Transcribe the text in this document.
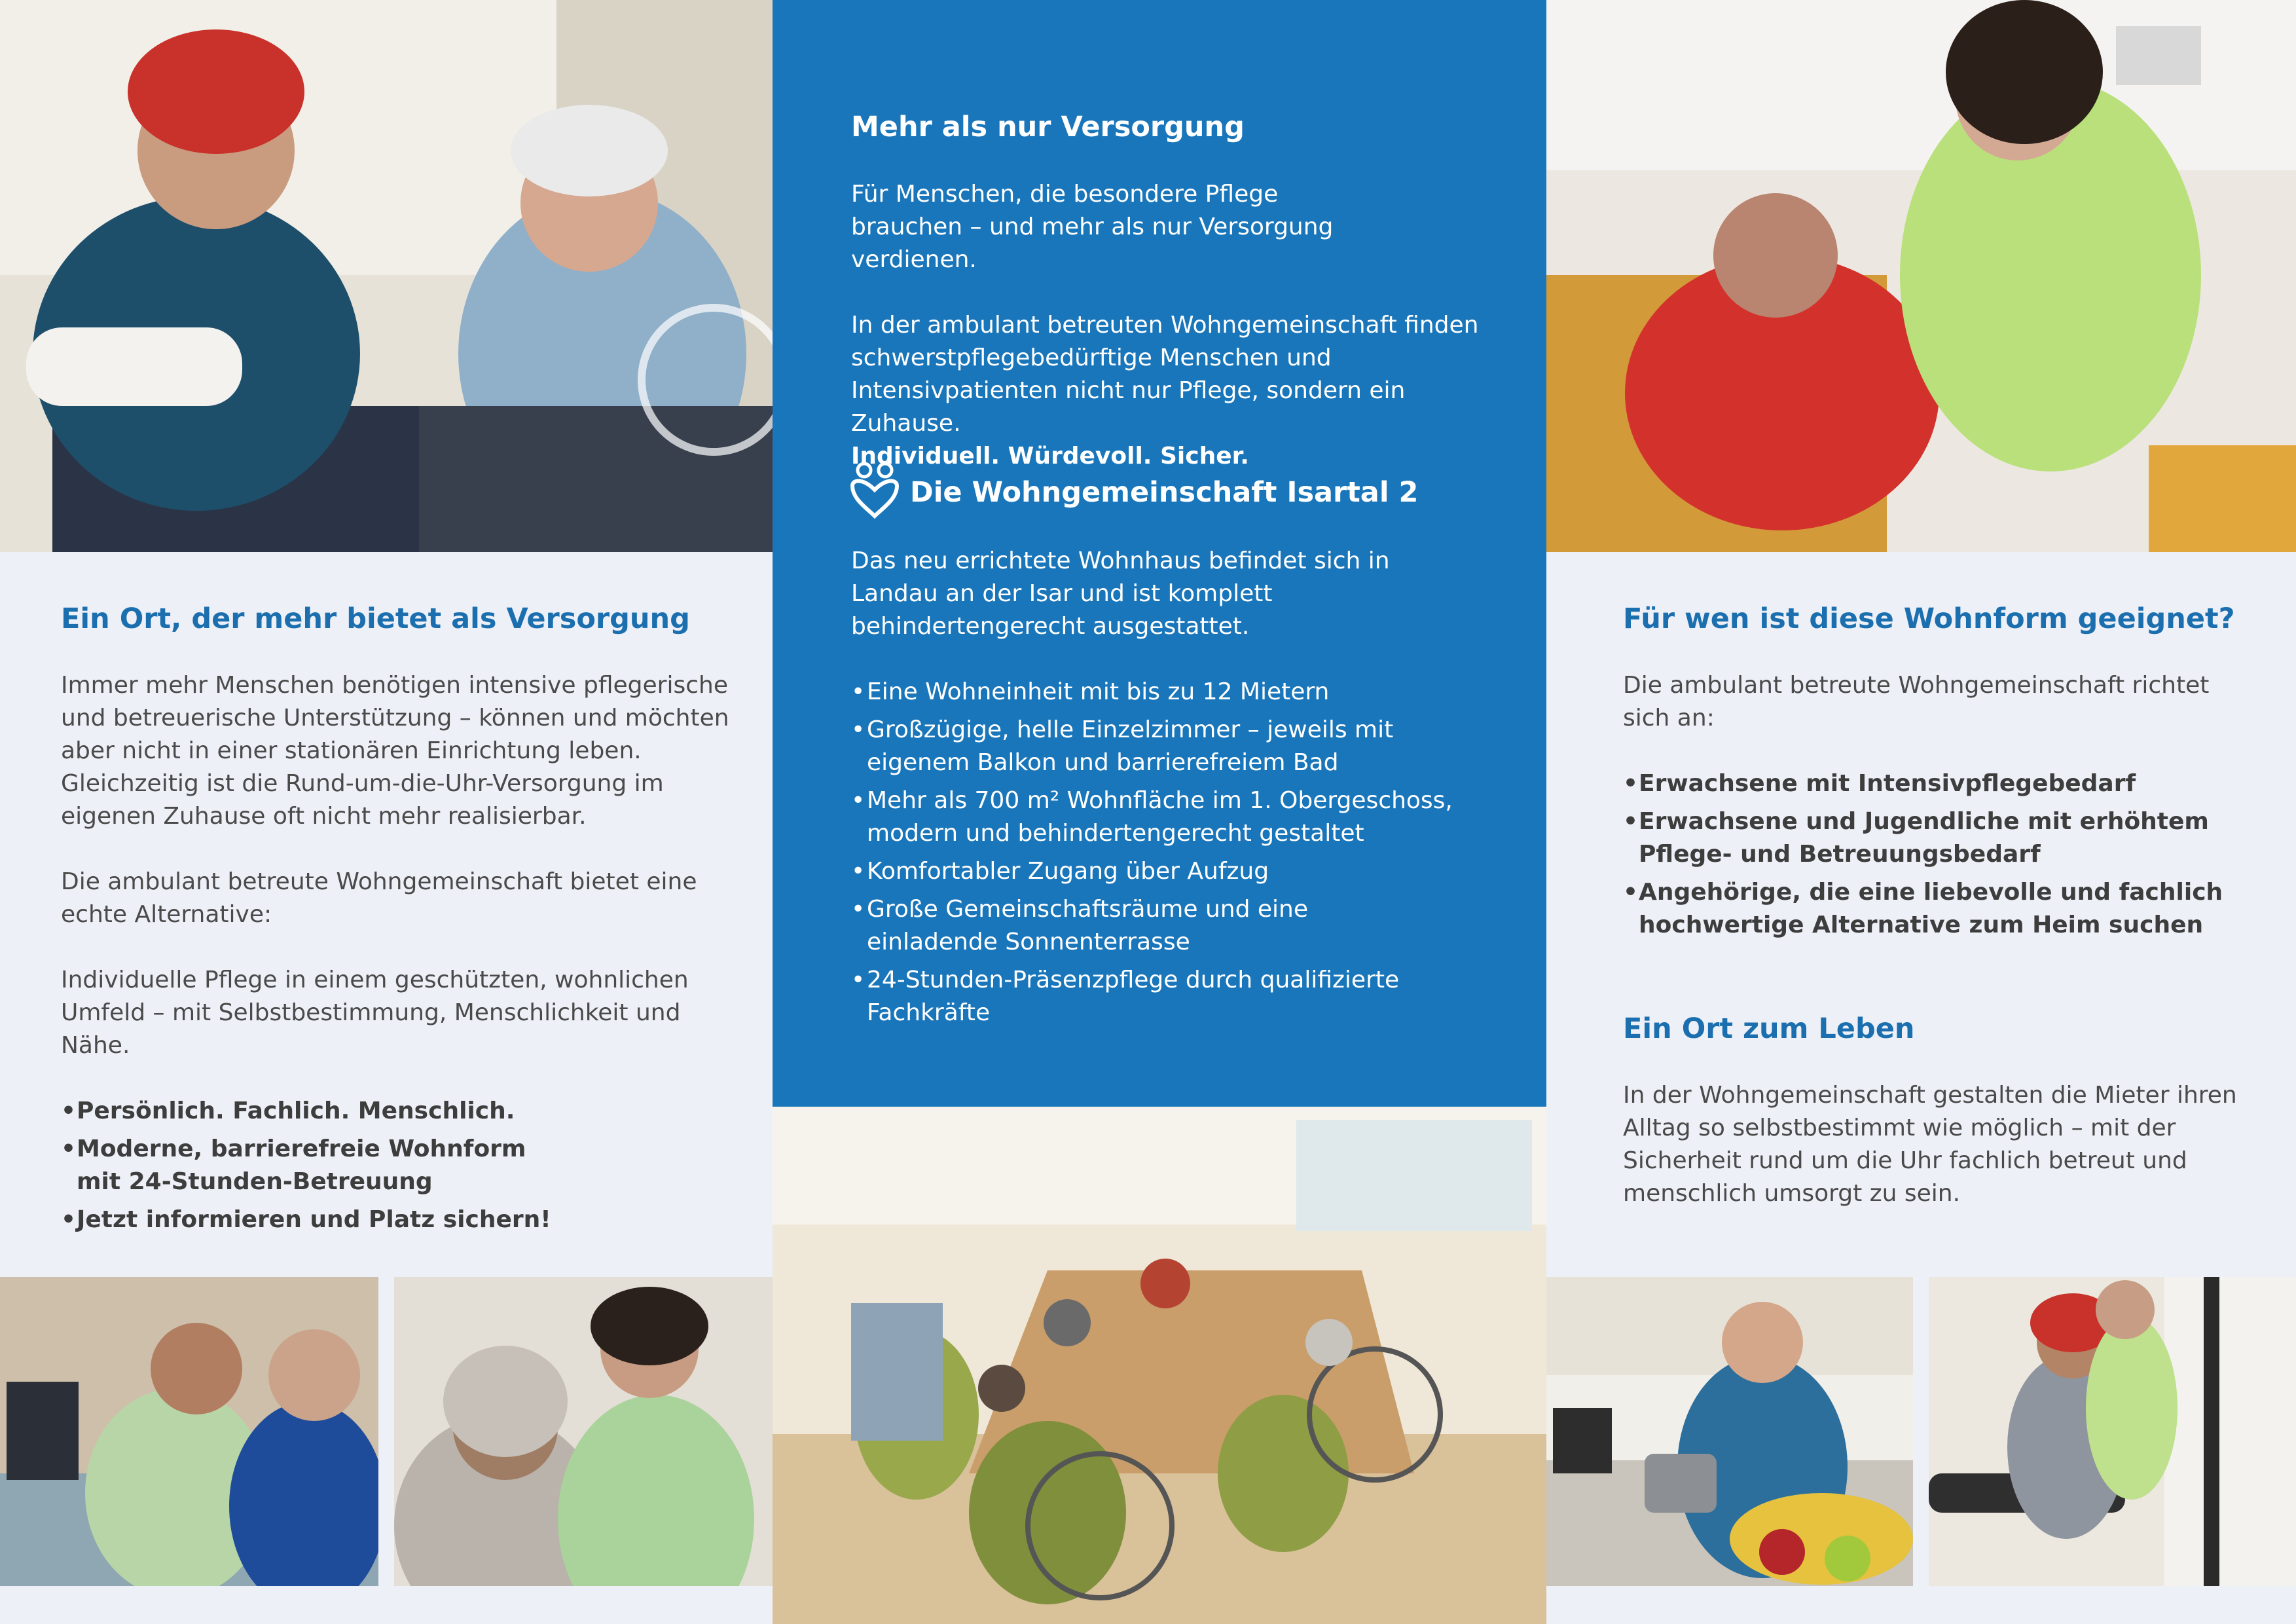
Ein Ort, der mehr bietet als Versorgung

Immer mehr Menschen benötigen intensive pflegerische und betreuerische Unterstützung – können und möchten aber nicht in einer stationären Einrichtung leben. Gleichzeitig ist die Rund-um-die-Uhr-Versorgung im eigenen Zuhause oft nicht mehr realisierbar.

Die ambulant betreute Wohngemeinschaft bietet eine echte Alternative:

Individuelle Pflege in einem geschützten, wohnlichen Umfeld – mit Selbstbestimmung, Menschlichkeit und Nähe.

• Persönlich. Fachlich. Menschlich.
• Moderne, barrierefreie Wohnform mit 24-Stunden-Betreuung
• Jetzt informieren und Platz sichern!
Mehr als nur Versorgung

Für Menschen, die besondere Pflege brauchen – und mehr als nur Versorgung verdienen.

In der ambulant betreuten Wohngemeinschaft finden schwerstpflegebedürftige Menschen und Intensivpatienten nicht nur Pflege, sondern ein Zuhause.

Individuell. Würdevoll. Sicher.

Die Wohngemeinschaft Isartal 2

Das neu errichtete Wohnhaus befindet sich in Landau an der Isar und ist komplett behindertengerecht ausgestattet.

• Eine Wohneinheit mit bis zu 12 Mietern
• Großzügige, helle Einzelzimmer – jeweils mit eigenem Balkon und barrierefreiem Bad
• Mehr als 700 m² Wohnfläche im 1. Obergeschoss, modern und behindertengerecht gestaltet
• Komfortabler Zugang über Aufzug
• Große Gemeinschaftsräume und eine einladende Sonnenterrasse
• 24-Stunden-Präsenzpflege durch qualifizierte Fachkräfte
Für wen ist diese Wohnform geeignet?

Die ambulant betreute Wohngemeinschaft richtet sich an:

• Erwachsene mit Intensivpflegebedarf
• Erwachsene und Jugendliche mit erhöhtem Pflege- und Betreuungsbedarf
• Angehörige, die eine liebevolle und fachlich hochwertige Alternative zum Heim suchen
Ein Ort zum Leben

In der Wohngemeinschaft gestalten die Mieter ihren Alltag so selbstbestimmt wie möglich – mit der Sicherheit rund um die Uhr fachlich betreut und menschlich umsorgt zu sein.
